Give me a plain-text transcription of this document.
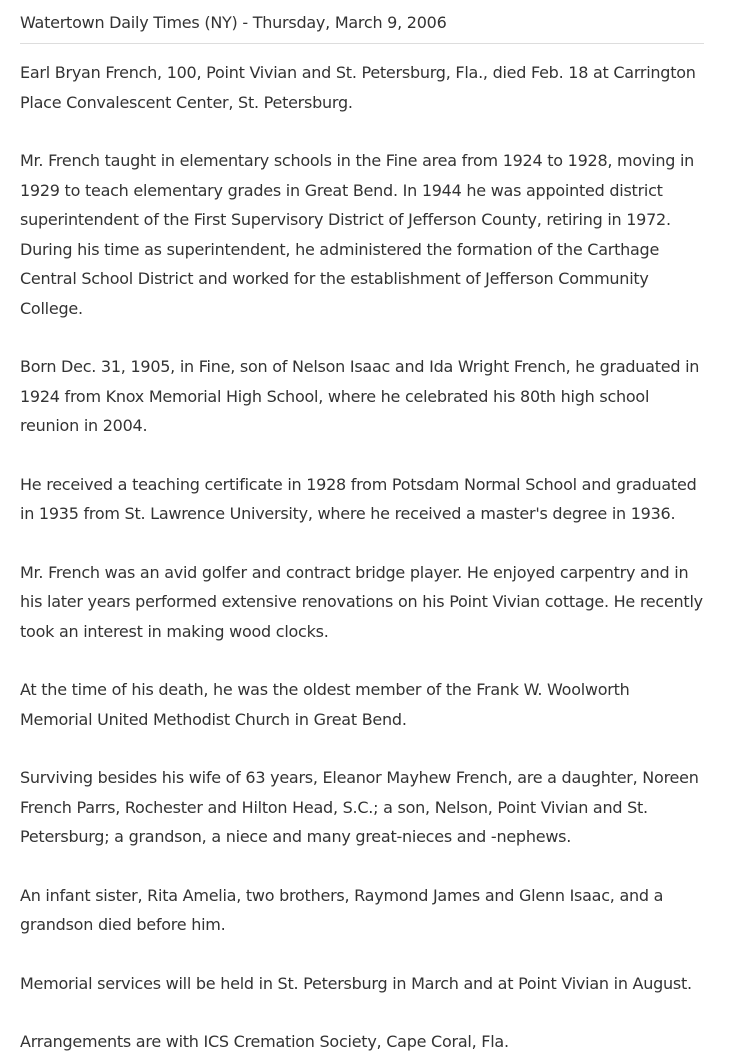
Watertown Daily Times (NY) - Thursday, March 9, 2006

Earl Bryan French, 100, Point Vivian and St. Petersburg, Fla., died Feb. 18 at Carrington Place Convalescent Center, St. Petersburg.

Mr. French taught in elementary schools in the Fine area from 1924 to 1928, moving in 1929 to teach elementary grades in Great Bend. In 1944 he was appointed district superintendent of the First Supervisory District of Jefferson County, retiring in 1972. During his time as superintendent, he administered the formation of the Carthage Central School District and worked for the establishment of Jefferson Community College.

Born Dec. 31, 1905, in Fine, son of Nelson Isaac and Ida Wright French, he graduated in 1924 from Knox Memorial High School, where he celebrated his 80th high school reunion in 2004.

He received a teaching certificate in 1928 from Potsdam Normal School and graduated in 1935 from St. Lawrence University, where he received a master's degree in 1936.

Mr. French was an avid golfer and contract bridge player. He enjoyed carpentry and in his later years performed extensive renovations on his Point Vivian cottage. He recently took an interest in making wood clocks.

At the time of his death, he was the oldest member of the Frank W. Woolworth Memorial United Methodist Church in Great Bend.

Surviving besides his wife of 63 years, Eleanor Mayhew French, are a daughter, Noreen French Parrs, Rochester and Hilton Head, S.C.; a son, Nelson, Point Vivian and St. Petersburg; a grandson, a niece and many great-nieces and -nephews.

An infant sister, Rita Amelia, two brothers, Raymond James and Glenn Isaac, and a grandson died before him.

Memorial services will be held in St. Petersburg in March and at Point Vivian in August.

Arrangements are with ICS Cremation Society, Cape Coral, Fla.
